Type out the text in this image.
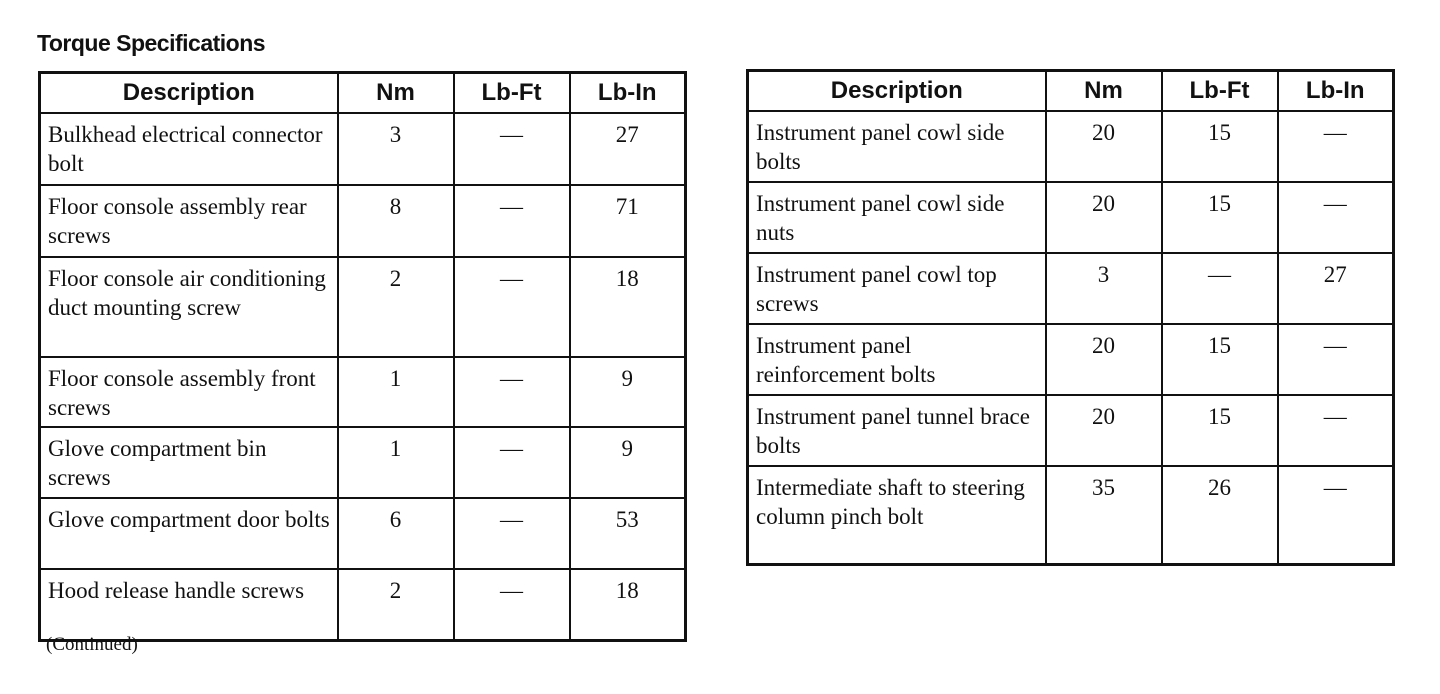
Torque Specifications
Description	Nm	Lb-Ft	Lb-In
Bulkhead electrical connector bolt	3	—	27
Floor console assembly rear screws	8	—	71
Floor console air conditioning duct mounting screw	2	—	18
Floor console assembly front screws	1	—	9
Glove compartment bin screws	1	—	9
Glove compartment door bolts	6	—	53
Hood release handle screws	2	—	18
(Continued)
Description	Nm	Lb-Ft	Lb-In
Instrument panel cowl side bolts	20	15	—
Instrument panel cowl side nuts	20	15	—
Instrument panel cowl top screws	3	—	27
Instrument panel reinforcement bolts	20	15	—
Instrument panel tunnel brace bolts	20	15	—
Intermediate shaft to steering column pinch bolt	35	26	—
